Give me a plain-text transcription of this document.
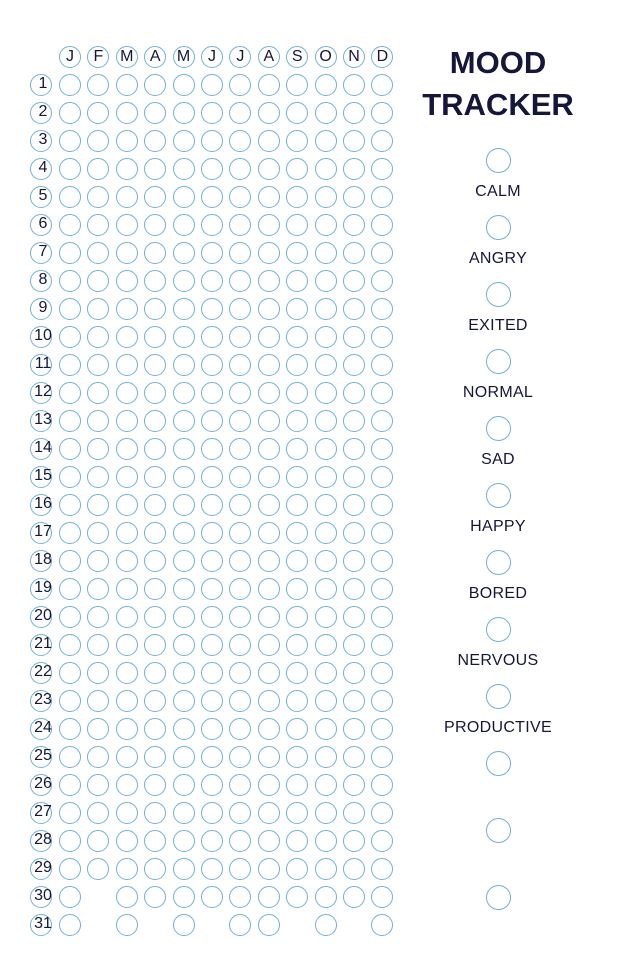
J	F	M	A	M	J	J	A	S	O	N	D
1
2
3
4
5
6
7
8
9
10
11
12
13
14
15
16
17
18
19
20
21
22
23
24
25
26
27
28
29
30
31
MOOD
TRACKER
CALM
ANGRY
EXITED
NORMAL
SAD
HAPPY
BORED
NERVOUS
PRODUCTIVE
